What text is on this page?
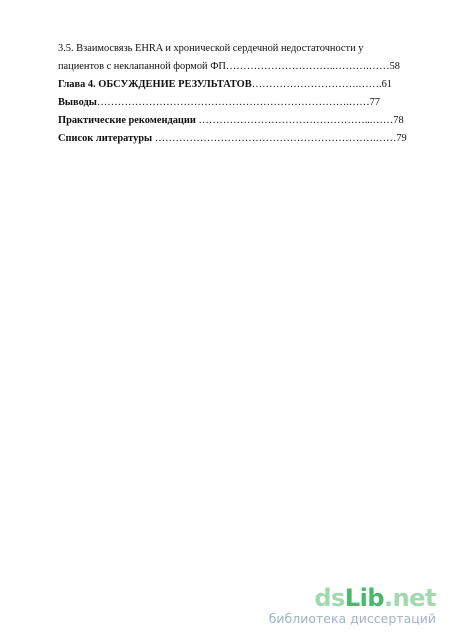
3.5. Взаимосвязь EHRA и хронической сердечной недостаточности у
пациентов с неклапанной формой ФП…………………………..……….……58
Глава 4. ОБСУЖДЕНИЕ РЕЗУЛЬТАТОВ………………………….…….61
Выводы……………………………………………………………….……77
Практические рекомендации …………………………………………...……78
Список литературы ……………………………………………………….……79
dsLib.net
библиотека диссертаций
